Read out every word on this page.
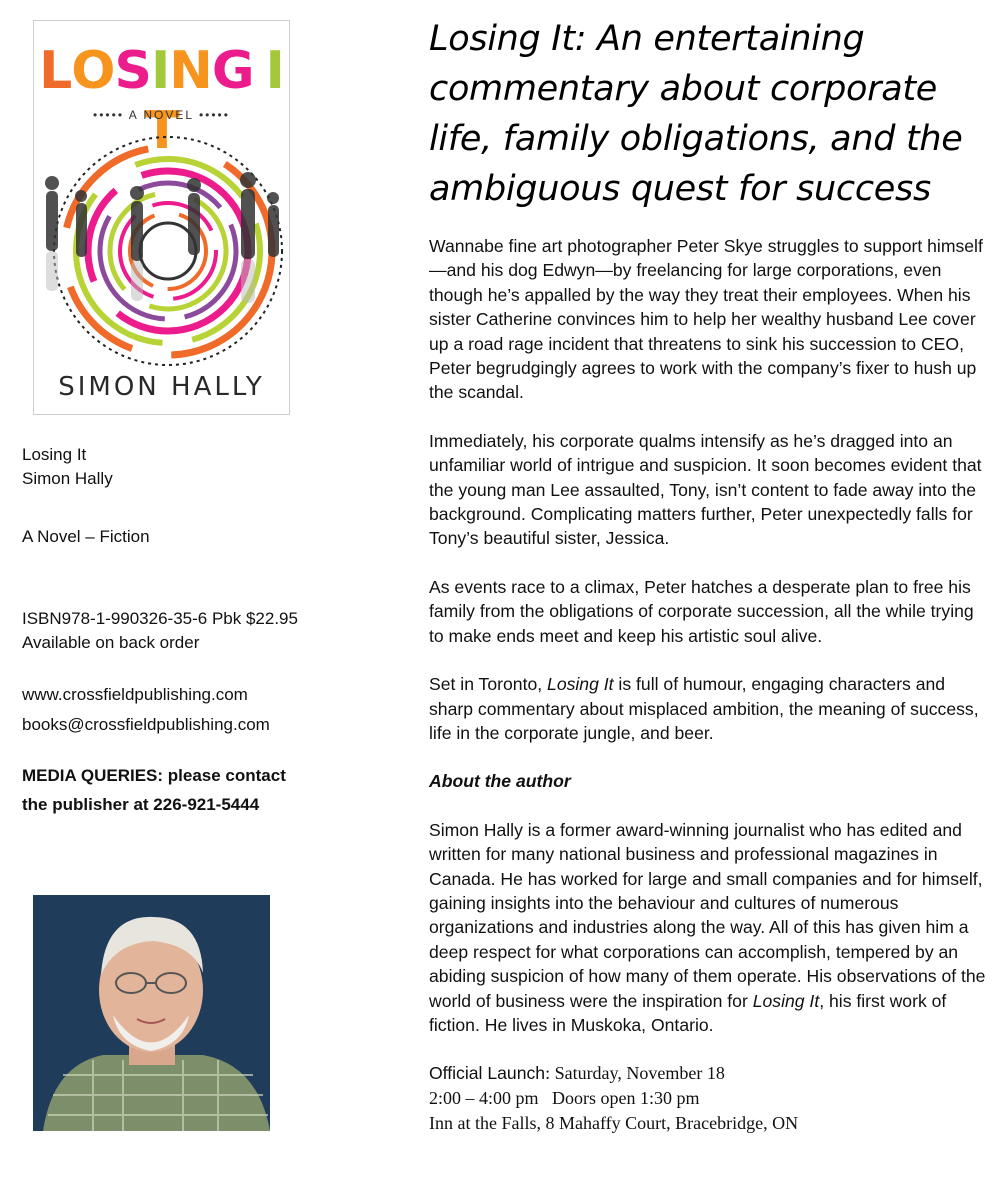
LOSING IT
••••• A NOVEL •••••
SIMON HALLY

Losing It

Simon Hally

A Novel – Fiction

ISBN978-1-990326-35-6 Pbk $22.95

Available on back order

www.crossfieldpublishing.com

books@crossfieldpublishing.com

MEDIA QUERIES: please contact

the publisher at 226-921-5444

Losing It: An entertaining commentary about corporate life, family obligations, and the ambiguous quest for success

Wannabe fine art photographer Peter Skye struggles to support himself—and his dog Edwyn—by freelancing for large corporations, even though he’s appalled by the way they treat their employees. When his sister Catherine convinces him to help her wealthy husband Lee cover up a road rage incident that threatens to sink his succession to CEO, Peter begrudgingly agrees to work with the company’s fixer to hush up the scandal.

Immediately, his corporate qualms intensify as he’s dragged into an unfamiliar world of intrigue and suspicion. It soon becomes evident that the young man Lee assaulted, Tony, isn’t content to fade away into the background. Complicating matters further, Peter unexpectedly falls for Tony’s beautiful sister, Jessica.

As events race to a climax, Peter hatches a desperate plan to free his family from the obligations of corporate succession, all the while trying to make ends meet and keep his artistic soul alive.

Set in Toronto, Losing It is full of humour, engaging characters and sharp commentary about misplaced ambition, the meaning of success, life in the corporate jungle, and beer.

About the author

Simon Hally is a former award-winning journalist who has edited and written for many national business and professional magazines in Canada. He has worked for large and small companies and for himself, gaining insights into the behaviour and cultures of numerous organizations and industries along the way. All of this has given him a deep respect for what corporations can accomplish, tempered by an abiding suspicion of how many of them operate. His observations of the world of business were the inspiration for Losing It, his first work of fiction. He lives in Muskoka, Ontario.

Official Launch: Saturday, November 18
2:00 – 4:00 pm   Doors open 1:30 pm
Inn at the Falls, 8 Mahaffy Court, Bracebridge, ON
